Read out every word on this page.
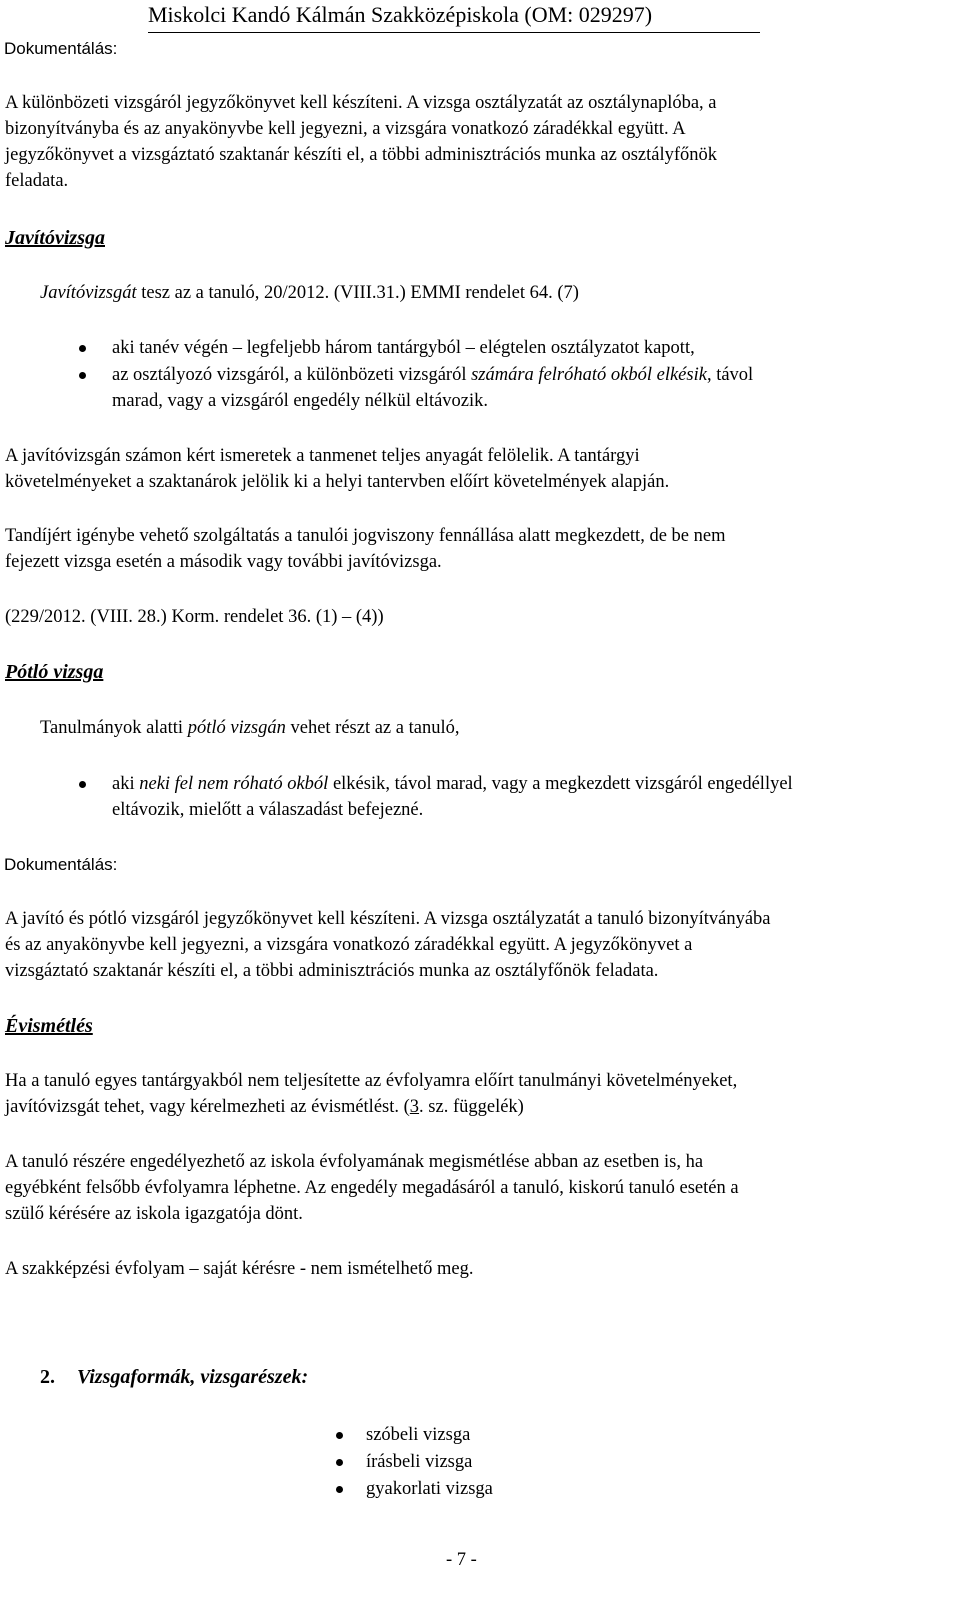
Miskolci Kandó Kálmán Szakközépiskola (OM: 029297)
Dokumentálás:
A különbözeti vizsgáról jegyzőkönyvet kell készíteni. A vizsga osztályzatát az osztálynaplóba, a
bizonyítványba és az anyakönyvbe kell jegyezni, a vizsgára vonatkozó záradékkal együtt. A
jegyzőkönyvet a vizsgáztató szaktanár készíti el, a többi adminisztrációs munka az osztályfőnök
feladata.
Javítóvizsga
Javítóvizsgát tesz az a tanuló, 20/2012. (VIII.31.) EMMI rendelet 64. (7)
aki tanév végén – legfeljebb három tantárgyból – elégtelen osztályzatot kapott,
az osztályozó vizsgáról, a különbözeti vizsgáról számára felróható okból elkésik, távol
marad, vagy a vizsgáról engedély nélkül eltávozik.
A javítóvizsgán számon kért ismeretek a tanmenet teljes anyagát felölelik. A tantárgyi
követelményeket a szaktanárok jelölik ki a helyi tantervben előírt követelmények alapján.
Tandíjért igénybe vehető szolgáltatás a tanulói jogviszony fennállása alatt megkezdett, de be nem
fejezett vizsga esetén a második vagy további javítóvizsga.
(229/2012. (VIII. 28.) Korm. rendelet 36. (1) – (4))
Pótló vizsga
Tanulmányok alatti pótló vizsgán vehet részt az a tanuló,
aki neki fel nem róható okból elkésik, távol marad, vagy a megkezdett vizsgáról engedéllyel
eltávozik, mielőtt a válaszadást befejezné.
Dokumentálás:
A javító és pótló vizsgáról jegyzőkönyvet kell készíteni. A vizsga osztályzatát a tanuló bizonyítványába
és az anyakönyvbe kell jegyezni, a vizsgára vonatkozó záradékkal együtt. A jegyzőkönyvet a
vizsgáztató szaktanár készíti el, a többi adminisztrációs munka az osztályfőnök feladata.
Évismétlés
Ha a tanuló egyes tantárgyakból nem teljesítette az évfolyamra előírt tanulmányi követelményeket,
javítóvizsgát tehet, vagy kérelmezheti az évismétlést. (3. sz. függelék)
A tanuló részére engedélyezhető az iskola évfolyamának megismétlése abban az esetben is, ha
egyébként felsőbb évfolyamra léphetne. Az engedély megadásáról a tanuló, kiskorú tanuló esetén a
szülő kérésére az iskola igazgatója dönt.
A szakképzési évfolyam – saját kérésre - nem ismételhető meg.
2. Vizsgaformák, vizsgarészek:
szóbeli vizsga
írásbeli vizsga
gyakorlati vizsga
- 7 -
